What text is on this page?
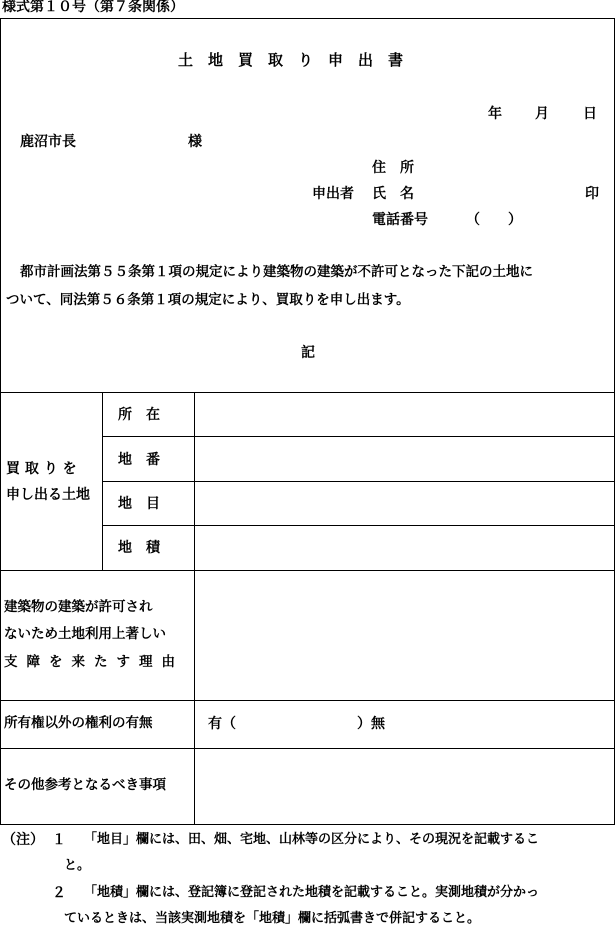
様式第１０号（第７条関係）
土　地　買　取　り　申　出　書
年 月 日
鹿沼市長	様
住　所
申出者 氏　名	印
電話番号	（　　）
都市計画法第５５条第１項の規定により建築物の建築が不許可となった下記の土地に
ついて、同法第５６条第１項の規定により、買取りを申し出ます。
記
買 取 り を
申し出る土地
所　在
地　番
地　目
地　積
建築物の建築が許可され
ないため土地利用上著しい
支障を来たす理由
所有権以外の権利の有無	有（	）無
その他参考となるべき事項
（注） １ 「地目」欄には、田、畑、宅地、山林等の区分により、その現況を記載するこ
と。
２ 「地積」欄には、登記簿に登記された地積を記載すること。実測地積が分かっ
ているときは、当該実測地積を「地積」欄に括弧書きで併記すること。
